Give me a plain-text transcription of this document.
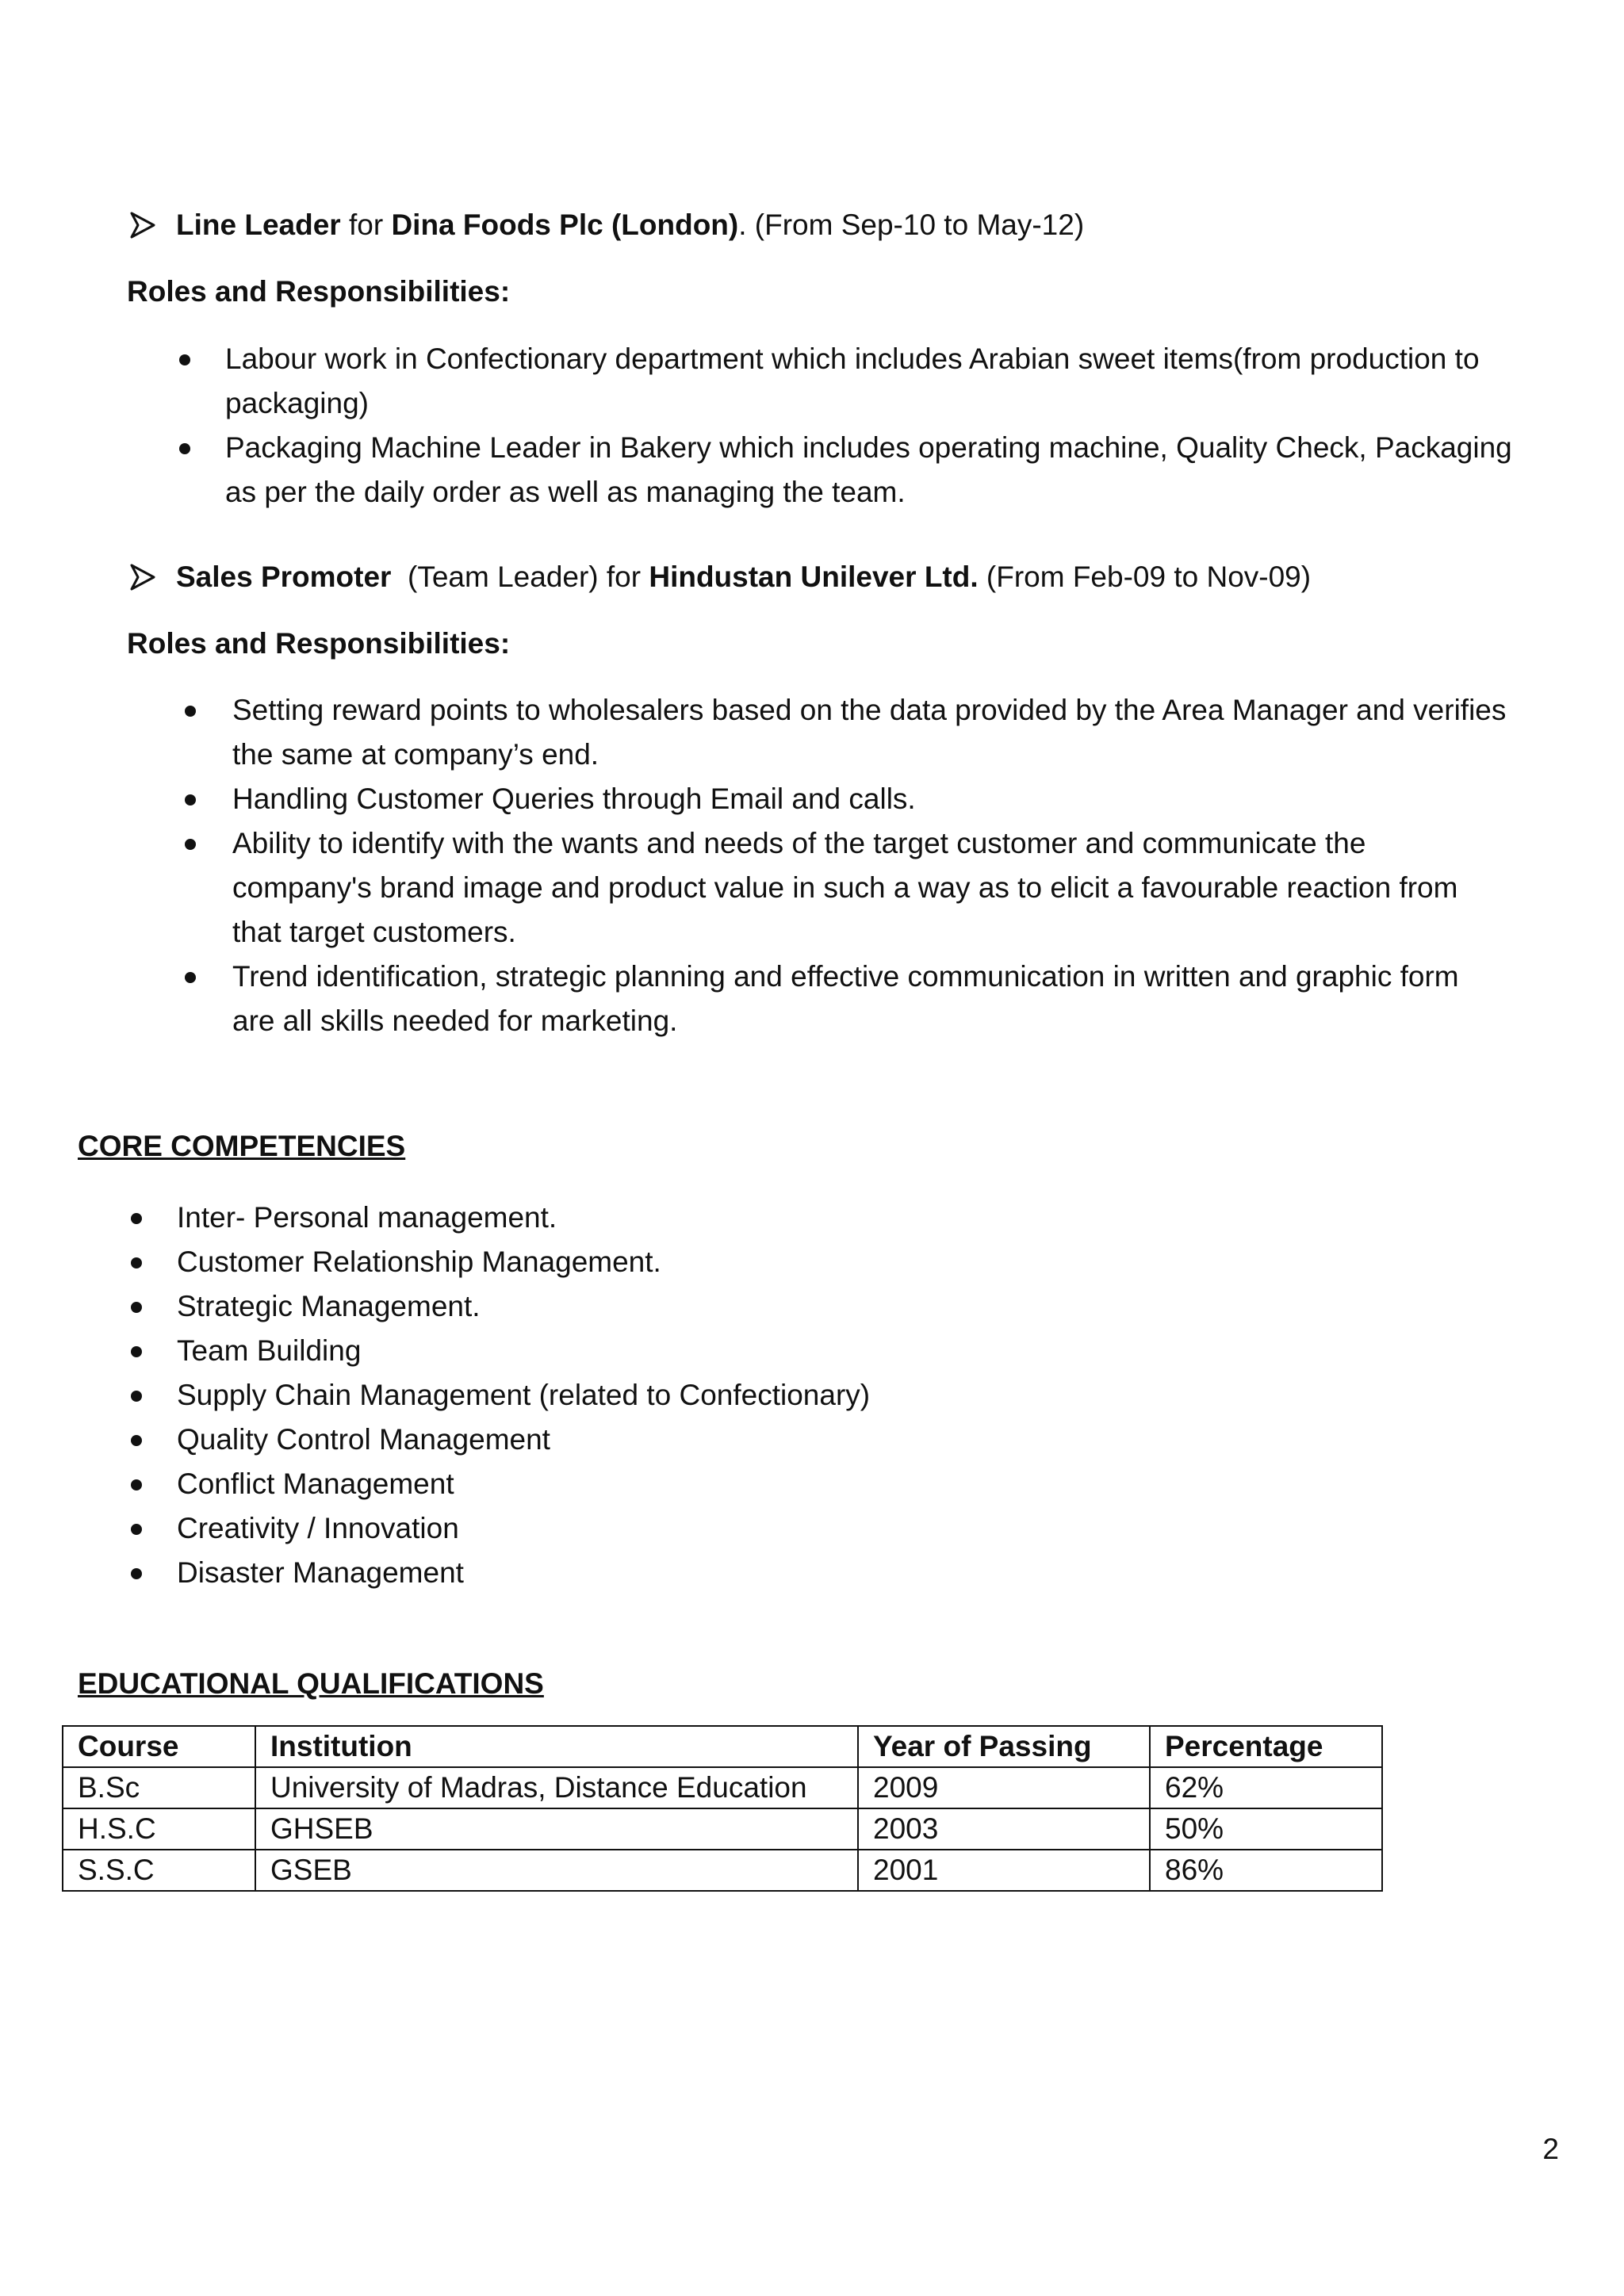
Line Leader for Dina Foods Plc (London). (From Sep-10 to May-12)
Roles and Responsibilities:
Labour work in Confectionary department which includes Arabian sweet items(from production to
packaging)
Packaging Machine Leader in Bakery which includes operating machine, Quality Check, Packaging
as per the daily order as well as managing the team.
Sales Promoter  (Team Leader) for Hindustan Unilever Ltd. (From Feb-09 to Nov-09)
Roles and Responsibilities:
Setting reward points to wholesalers based on the data provided by the Area Manager and verifies
the same at company’s end.
Handling Customer Queries through Email and calls.
Ability to identify with the wants and needs of the target customer and communicate the
company's brand image and product value in such a way as to elicit a favourable reaction from
that target customers.
Trend identification, strategic planning and effective communication in written and graphic form
are all skills needed for marketing.
CORE COMPETENCIES
Inter- Personal management.
Customer Relationship Management.
Strategic Management.
Team Building
Supply Chain Management (related to Confectionary)
Quality Control Management
Conflict Management
Creativity / Innovation
Disaster Management
EDUCATIONAL QUALIFICATIONS
Course	Institution	Year of Passing	Percentage
B.Sc	University of Madras, Distance Education	2009	62%
H.S.C	GHSEB	2003	50%
S.S.C	GSEB	2001	86%
2
